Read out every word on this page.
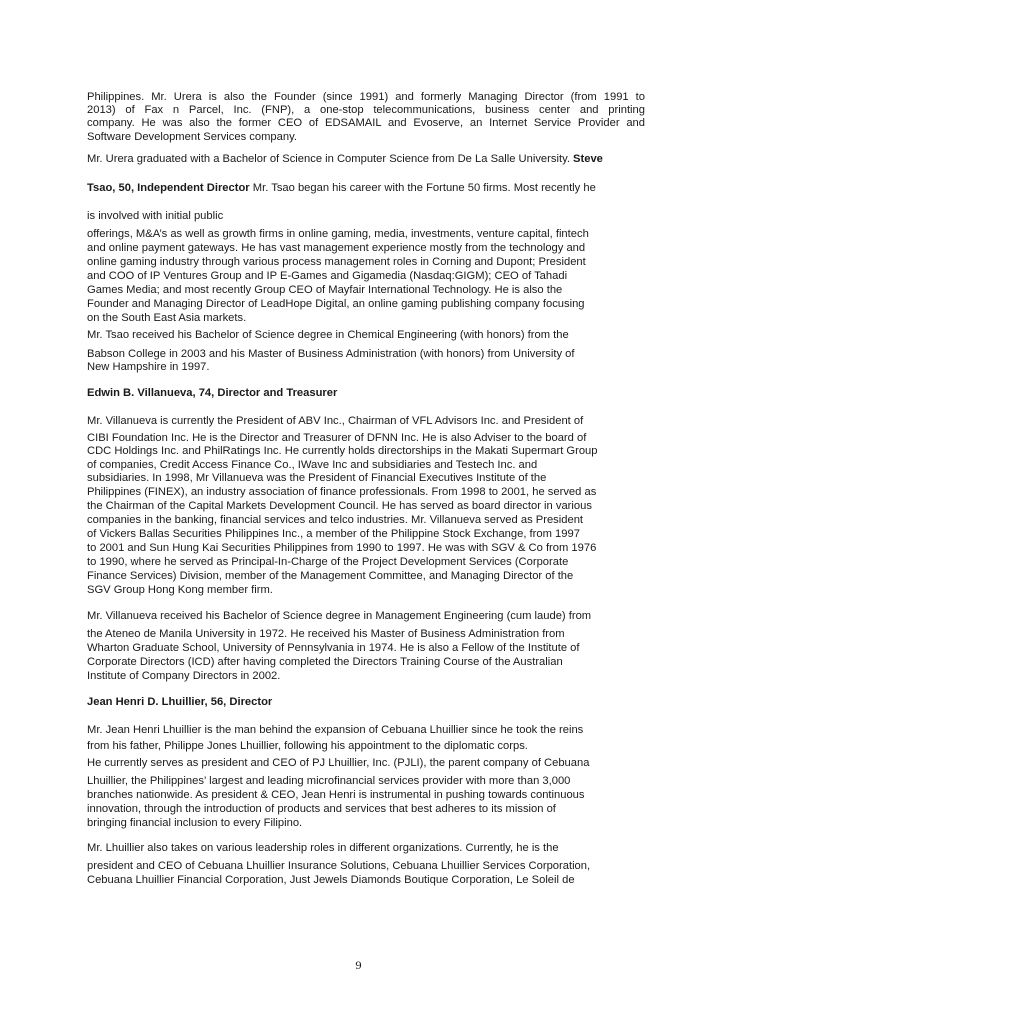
Philippines. Mr. Urera is also the Founder (since 1991) and formerly Managing Director (from 1991 to

2013) of Fax n Parcel, Inc. (FNP), a one-stop telecommunications, business center and printing

company. He was also the former CEO of EDSAMAIL and Evoserve, an Internet Service Provider and

Software Development Services company.

Mr. Urera graduated with a Bachelor of Science in Computer Science from De La Salle University. Steve

Tsao, 50, Independent Director Mr. Tsao began his career with the Fortune 50 firms. Most recently he

is involved with initial public

offerings, M&A’s as well as growth firms in online gaming, media, investments, venture capital, fintech

and online payment gateways. He has vast management experience mostly from the technology and

online gaming industry through various process management roles in Corning and Dupont; President

and COO of IP Ventures Group and IP E-Games and Gigamedia (Nasdaq:GIGM); CEO of Tahadi

Games Media; and most recently Group CEO of Mayfair International Technology. He is also the

Founder and Managing Director of LeadHope Digital, an online gaming publishing company focusing

on the South East Asia markets.

Mr. Tsao received his Bachelor of Science degree in Chemical Engineering (with honors) from the

Babson College in 2003 and his Master of Business Administration (with honors) from University of

New Hampshire in 1997.

Edwin B. Villanueva, 74, Director and Treasurer

Mr. Villanueva is currently the President of ABV Inc., Chairman of VFL Advisors Inc. and President of

CIBI Foundation Inc. He is the Director and Treasurer of DFNN Inc. He is also Adviser to the board of

CDC Holdings Inc. and PhilRatings Inc. He currently holds directorships in the Makati Supermart Group

of companies, Credit Access Finance Co., IWave Inc and subsidiaries and Testech Inc. and

subsidiaries. In 1998, Mr Villanueva was the President of Financial Executives Institute of the

Philippines (FINEX), an industry association of finance professionals. From 1998 to 2001, he served as

the Chairman of the Capital Markets Development Council. He has served as board director in various

companies in the banking, financial services and telco industries. Mr. Villanueva served as President

of Vickers Ballas Securities Philippines Inc., a member of the Philippine Stock Exchange, from 1997

to 2001 and Sun Hung Kai Securities Philippines from 1990 to 1997. He was with SGV & Co from 1976

to 1990, where he served as Principal-In-Charge of the Project Development Services (Corporate

Finance Services) Division, member of the Management Committee, and Managing Director of the

SGV Group Hong Kong member firm.

Mr. Villanueva received his Bachelor of Science degree in Management Engineering (cum laude) from

the Ateneo de Manila University in 1972. He received his Master of Business Administration from

Wharton Graduate School, University of Pennsylvania in 1974. He is also a Fellow of the Institute of

Corporate Directors (ICD) after having completed the Directors Training Course of the Australian

Institute of Company Directors in 2002.

Jean Henri D. Lhuillier, 56, Director

Mr. Jean Henri Lhuillier is the man behind the expansion of Cebuana Lhuillier since he took the reins

from his father, Philippe Jones Lhuillier, following his appointment to the diplomatic corps.

He currently serves as president and CEO of PJ Lhuillier, Inc. (PJLI), the parent company of Cebuana

Lhuillier, the Philippines’ largest and leading microfinancial services provider with more than 3,000

branches nationwide. As president & CEO, Jean Henri is instrumental in pushing towards continuous

innovation, through the introduction of products and services that best adheres to its mission of

bringing financial inclusion to every Filipino.

Mr. Lhuillier also takes on various leadership roles in different organizations. Currently, he is the

president and CEO of Cebuana Lhuillier Insurance Solutions, Cebuana Lhuillier Services Corporation,

Cebuana Lhuillier Financial Corporation, Just Jewels Diamonds Boutique Corporation, Le Soleil de

9
